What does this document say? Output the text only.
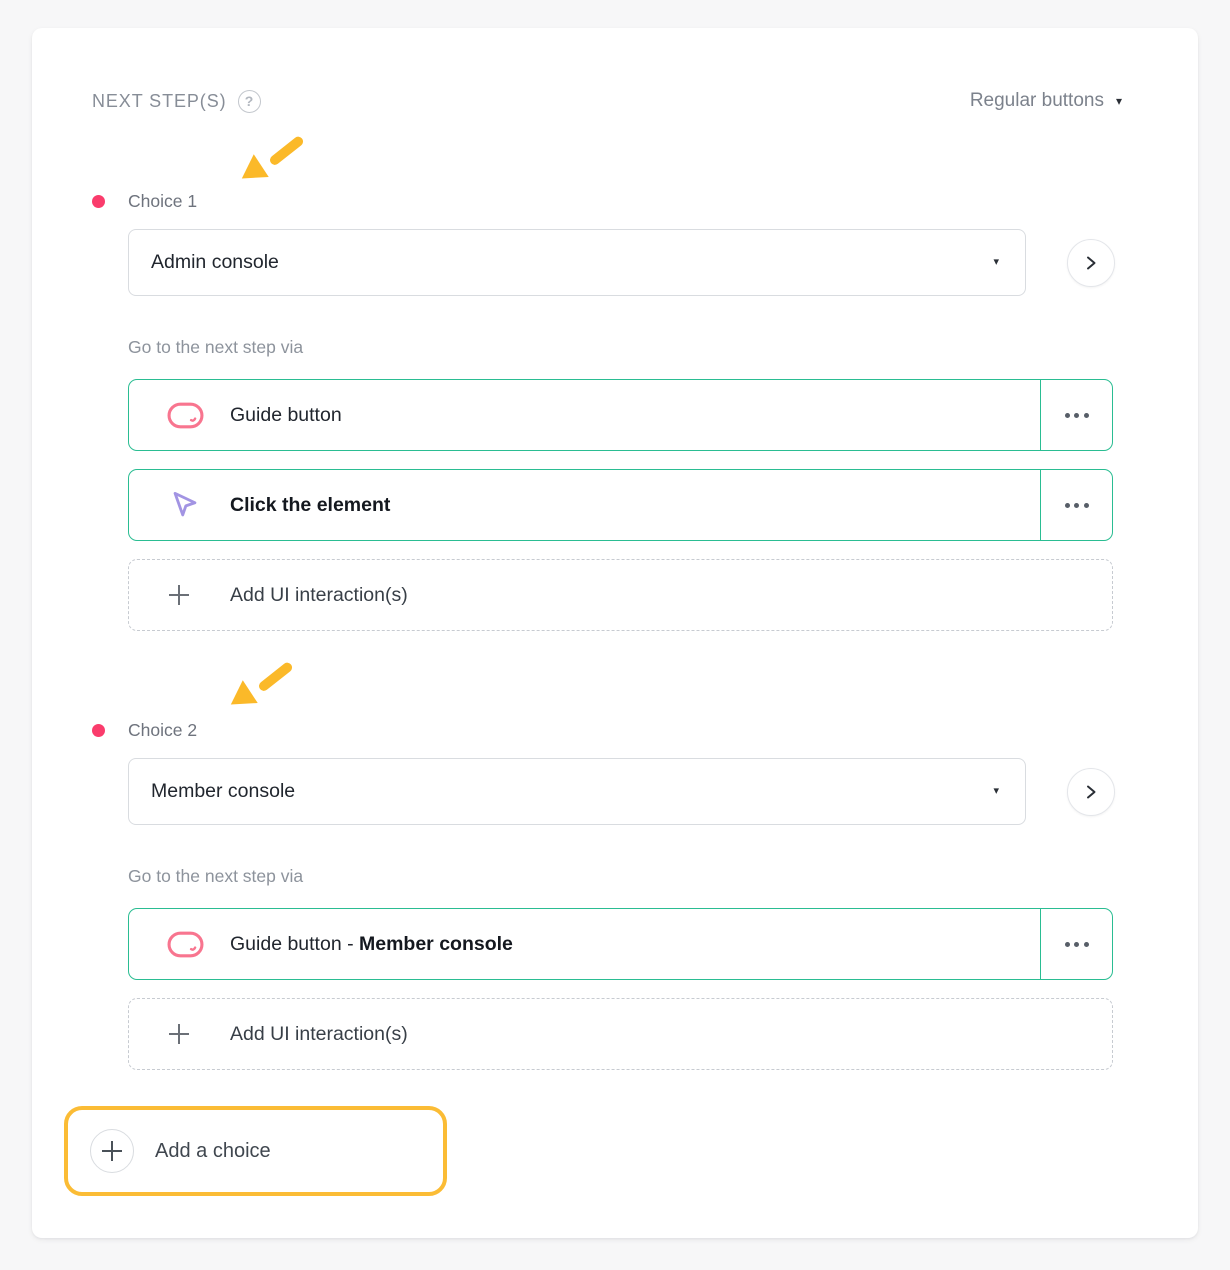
NEXT STEP(S)	?	Regular buttons ▾
Choice 1
Admin console	▾
Go to the next step via
Guide button
Click the element
Add UI interaction(s)
Choice 2
Member console	▾
Go to the next step via
Guide button - Member console
Add UI interaction(s)
Add a choice
